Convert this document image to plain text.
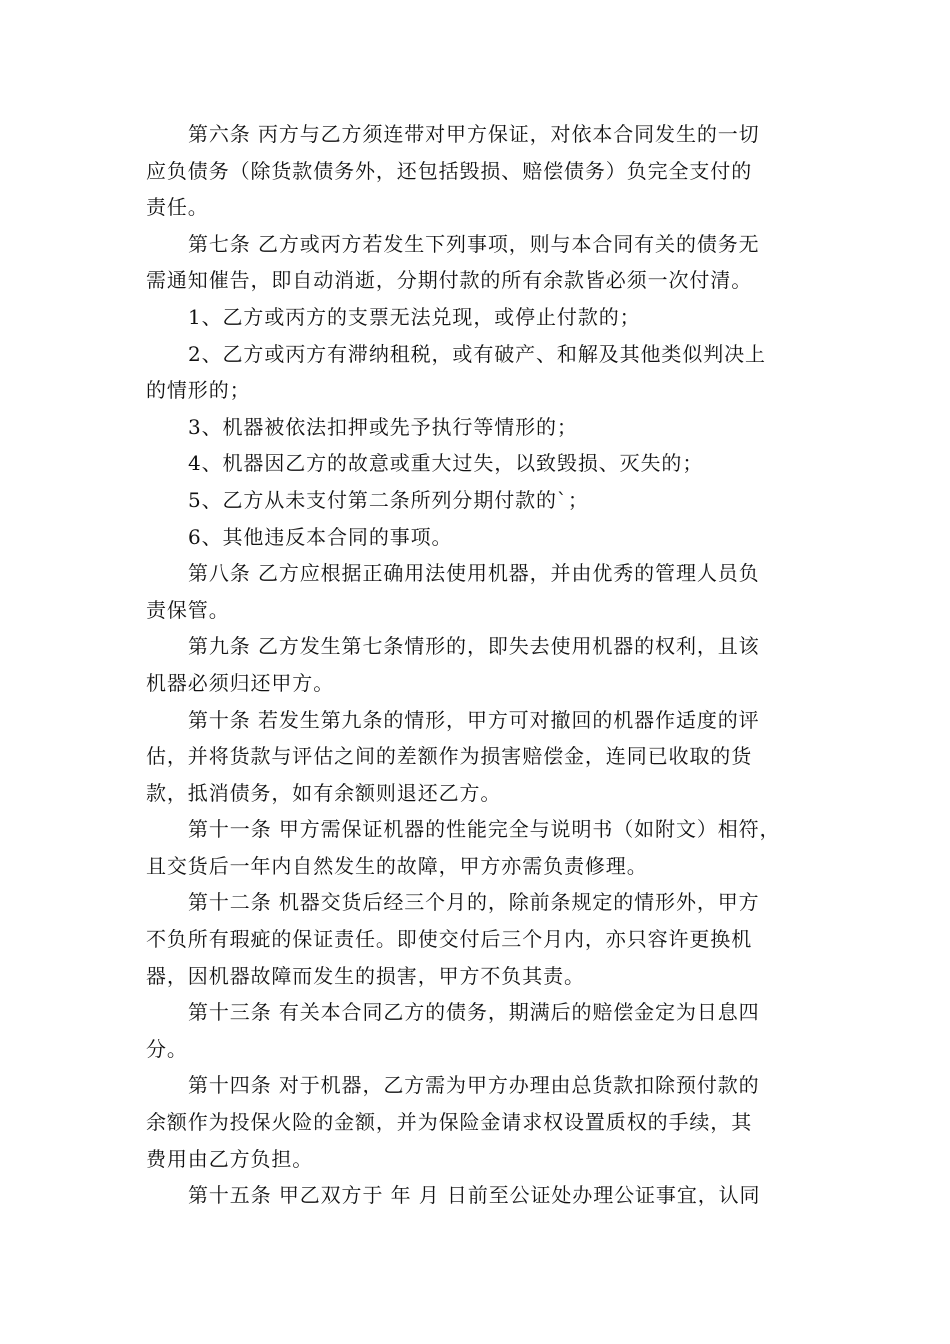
第六条 丙方与乙方须连带对甲方保证，对依本合同发生的一切
应负债务（除货款债务外，还包括毁损、赔偿债务）负完全支付的
责任。
第七条 乙方或丙方若发生下列事项，则与本合同有关的债务无
需通知催告，即自动消逝，分期付款的所有余款皆必须一次付清。
1、乙方或丙方的支票无法兑现，或停止付款的；
2、乙方或丙方有滞纳租税，或有破产、和解及其他类似判决上
的情形的；
3、机器被依法扣押或先予执行等情形的；
4、机器因乙方的故意或重大过失，以致毁损、灭失的；
5、乙方从未支付第二条所列分期付款的`；
6、其他违反本合同的事项。
第八条 乙方应根据正确用法使用机器，并由优秀的管理人员负
责保管。
第九条 乙方发生第七条情形的，即失去使用机器的权利，且该
机器必须归还甲方。
第十条 若发生第九条的情形，甲方可对撤回的机器作适度的评
估，并将货款与评估之间的差额作为损害赔偿金，连同已收取的货
款，抵消债务，如有余额则退还乙方。
第十一条 甲方需保证机器的性能完全与说明书（如附文）相符，
且交货后一年内自然发生的故障，甲方亦需负责修理。
第十二条 机器交货后经三个月的，除前条规定的情形外，甲方
不负所有瑕疵的保证责任。即使交付后三个月内，亦只容许更换机
器，因机器故障而发生的损害，甲方不负其责。
第十三条 有关本合同乙方的债务，期满后的赔偿金定为日息四
分。
第十四条 对于机器，乙方需为甲方办理由总货款扣除预付款的
余额作为投保火险的金额，并为保险金请求权设置质权的手续，其
费用由乙方负担。
第十五条 甲乙双方于 年 月 日前至公证处办理公证事宜，认同
